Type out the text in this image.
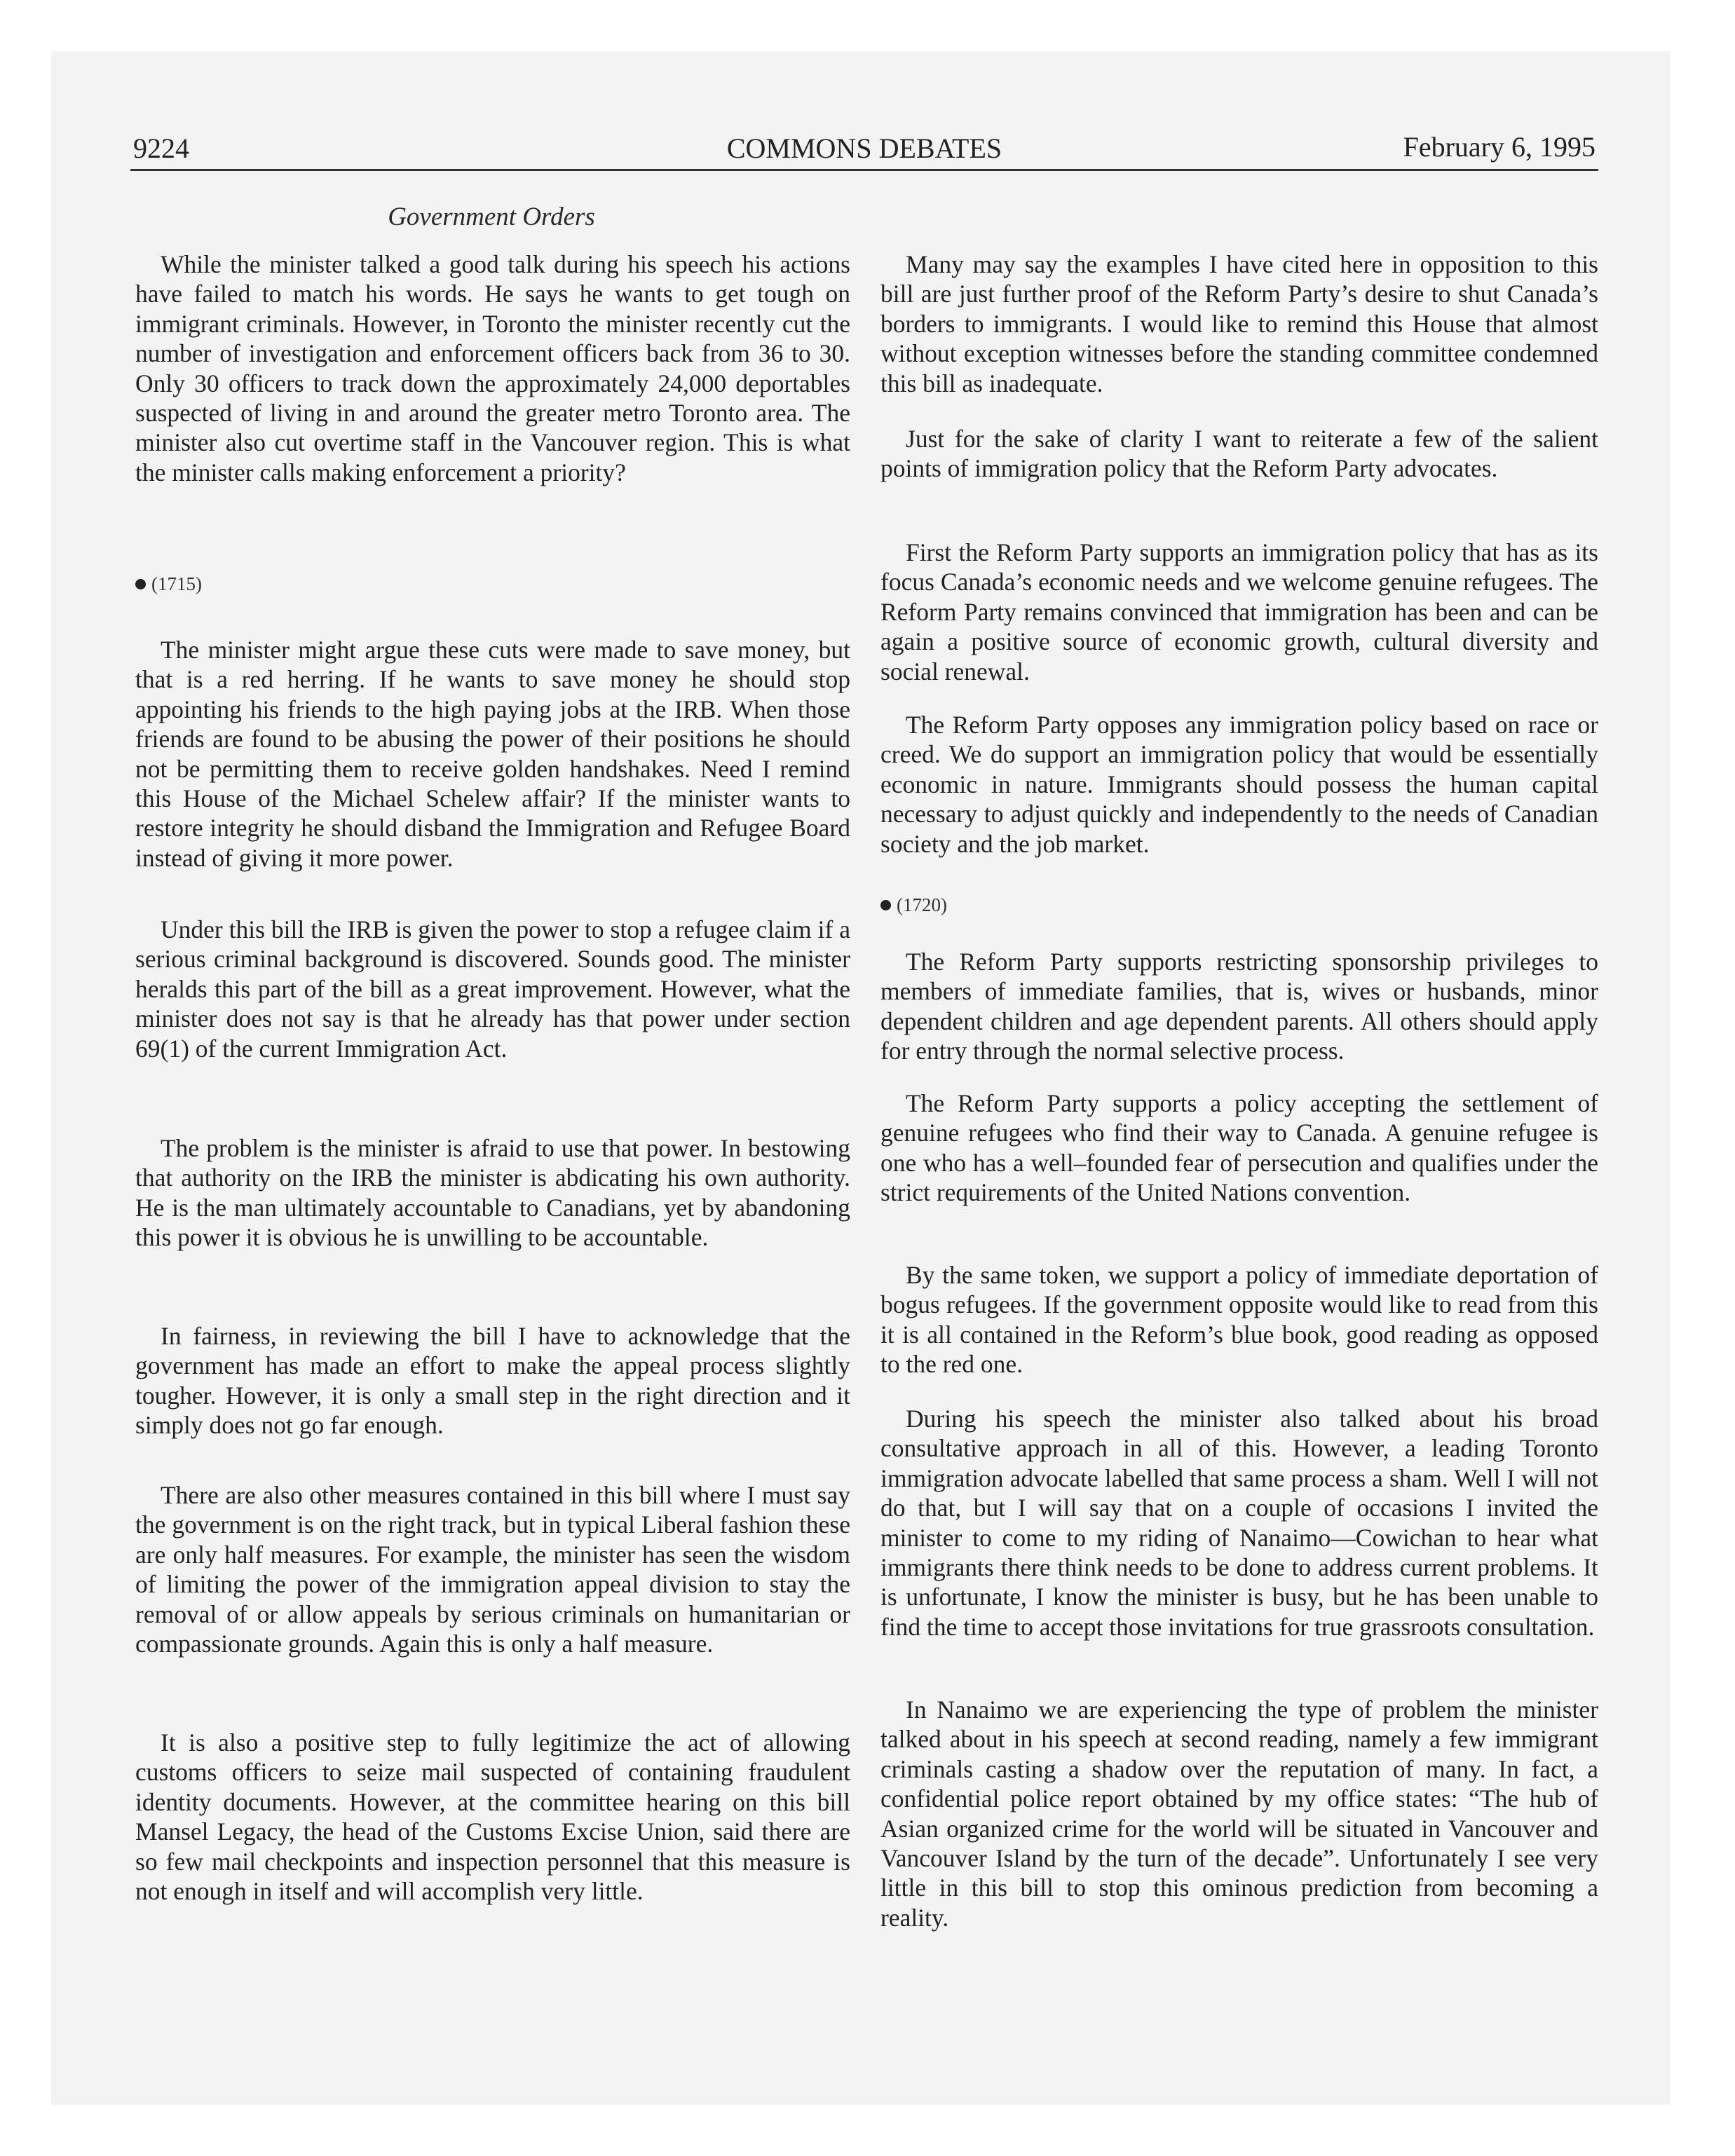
9224	COMMONS DEBATES	February 6, 1995
Government Orders

While the minister talked a good talk during his speech his actions have failed to match his words. He says he wants to get tough on immigrant criminals. However, in Toronto the minister recently cut the number of investigation and enforcement officers back from 36 to 30. Only 30 officers to track down the approximately 24,000 deportables suspected of living in and around the greater metro Toronto area. The minister also cut overtime staff in the Vancouver region. This is what the minister calls making enforcement a priority?

(1715)

The minister might argue these cuts were made to save money, but that is a red herring. If he wants to save money he should stop appointing his friends to the high paying jobs at the IRB. When those friends are found to be abusing the power of their positions he should not be permitting them to receive golden handshakes. Need I remind this House of the Michael Schelew affair? If the minister wants to restore integrity he should disband the Immigration and Refugee Board instead of giving it more power.

Under this bill the IRB is given the power to stop a refugee claim if a serious criminal background is discovered. Sounds good. The minister heralds this part of the bill as a great improvement. However, what the minister does not say is that he already has that power under section 69(1) of the current Immigration Act.

The problem is the minister is afraid to use that power. In bestowing that authority on the IRB the minister is abdicating his own authority. He is the man ultimately accountable to Canadians, yet by abandoning this power it is obvious he is unwilling to be accountable.

In fairness, in reviewing the bill I have to acknowledge that the government has made an effort to make the appeal process slightly tougher. However, it is only a small step in the right direction and it simply does not go far enough.

There are also other measures contained in this bill where I must say the government is on the right track, but in typical Liberal fashion these are only half measures. For example, the minister has seen the wisdom of limiting the power of the immigration appeal division to stay the removal of or allow appeals by serious criminals on humanitarian or compassionate grounds. Again this is only a half measure.

It is also a positive step to fully legitimize the act of allowing customs officers to seize mail suspected of containing fraudulent identity documents. However, at the committee hearing on this bill Mansel Legacy, the head of the Customs Excise Union, said there are so few mail checkpoints and inspection personnel that this measure is not enough in itself and will accomplish very little.

Many may say the examples I have cited here in opposition to this bill are just further proof of the Reform Party’s desire to shut Canada’s borders to immigrants. I would like to remind this House that almost without exception witnesses before the standing committee condemned this bill as inadequate.

Just for the sake of clarity I want to reiterate a few of the salient points of immigration policy that the Reform Party advocates.

First the Reform Party supports an immigration policy that has as its focus Canada’s economic needs and we welcome genuine refugees. The Reform Party remains convinced that immigration has been and can be again a positive source of economic growth, cultural diversity and social renewal.

The Reform Party opposes any immigration policy based on race or creed. We do support an immigration policy that would be essentially economic in nature. Immigrants should possess the human capital necessary to adjust quickly and independently to the needs of Canadian society and the job market.

(1720)

The Reform Party supports restricting sponsorship privileges to members of immediate families, that is, wives or husbands, minor dependent children and age dependent parents. All others should apply for entry through the normal selective process.

The Reform Party supports a policy accepting the settlement of genuine refugees who find their way to Canada. A genuine refugee is one who has a well–founded fear of persecution and qualifies under the strict requirements of the United Nations convention.

By the same token, we support a policy of immediate deportation of bogus refugees. If the government opposite would like to read from this it is all contained in the Reform’s blue book, good reading as opposed to the red one.

During his speech the minister also talked about his broad consultative approach in all of this. However, a leading Toronto immigration advocate labelled that same process a sham. Well I will not do that, but I will say that on a couple of occasions I invited the minister to come to my riding of Nanaimo—Cowichan to hear what immigrants there think needs to be done to address current problems. It is unfortunate, I know the minister is busy, but he has been unable to find the time to accept those invitations for true grassroots consultation.

In Nanaimo we are experiencing the type of problem the minister talked about in his speech at second reading, namely a few immigrant criminals casting a shadow over the reputation of many. In fact, a confidential police report obtained by my office states: “The hub of Asian organized crime for the world will be situated in Vancouver and Vancouver Island by the turn of the decade”. Unfortunately I see very little in this bill to stop this ominous prediction from becoming a reality.
